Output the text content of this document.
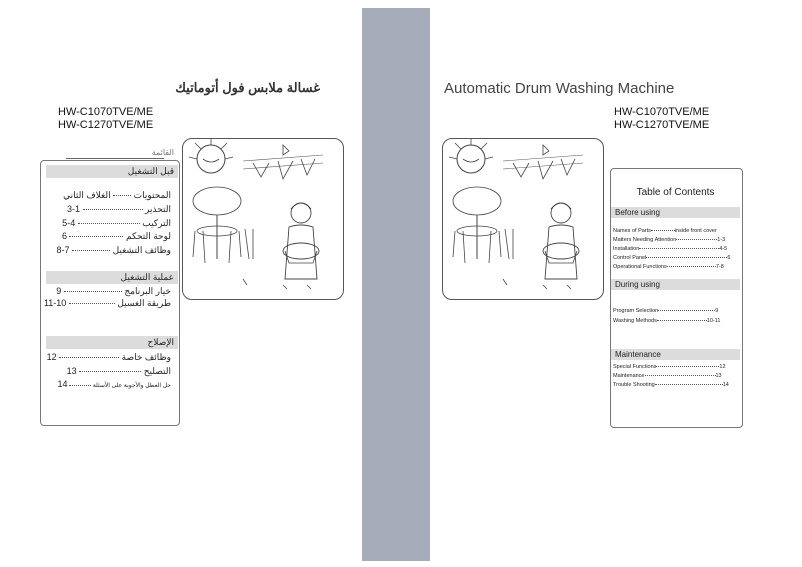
غسالة ملابس فول أتوماتيك
HW-C1070TVE/ME
HW-C1270TVE/ME
القائمة
قبل التشغيل
المحتويات  الغلاف الثاني
التحذير  1-3
التركيب  4-5
لوحة التحكم  6
وظائف التشغيل  7-8
عملية التشغيل
خيار البرنامج  9
طريقة الغسيل  10-11
الإصلاح
وظائف خاصة  12
التصليح  13
حل العطل والأجوبة على الأسئلة  14
Automatic Drum Washing Machine
HW-C1070TVE/ME
HW-C1270TVE/ME
Table of Contents
Before using
Names of Parts	inside front cover
Matters Needing Attention	1-3
Installation	4-5
Control Panel	6
Operational Functions	7-8
During using
Program Selection	9
Washing Methods	10-11
Maintenance
Special Functions	12
Maintenance	13
Trouble Shooting	14
